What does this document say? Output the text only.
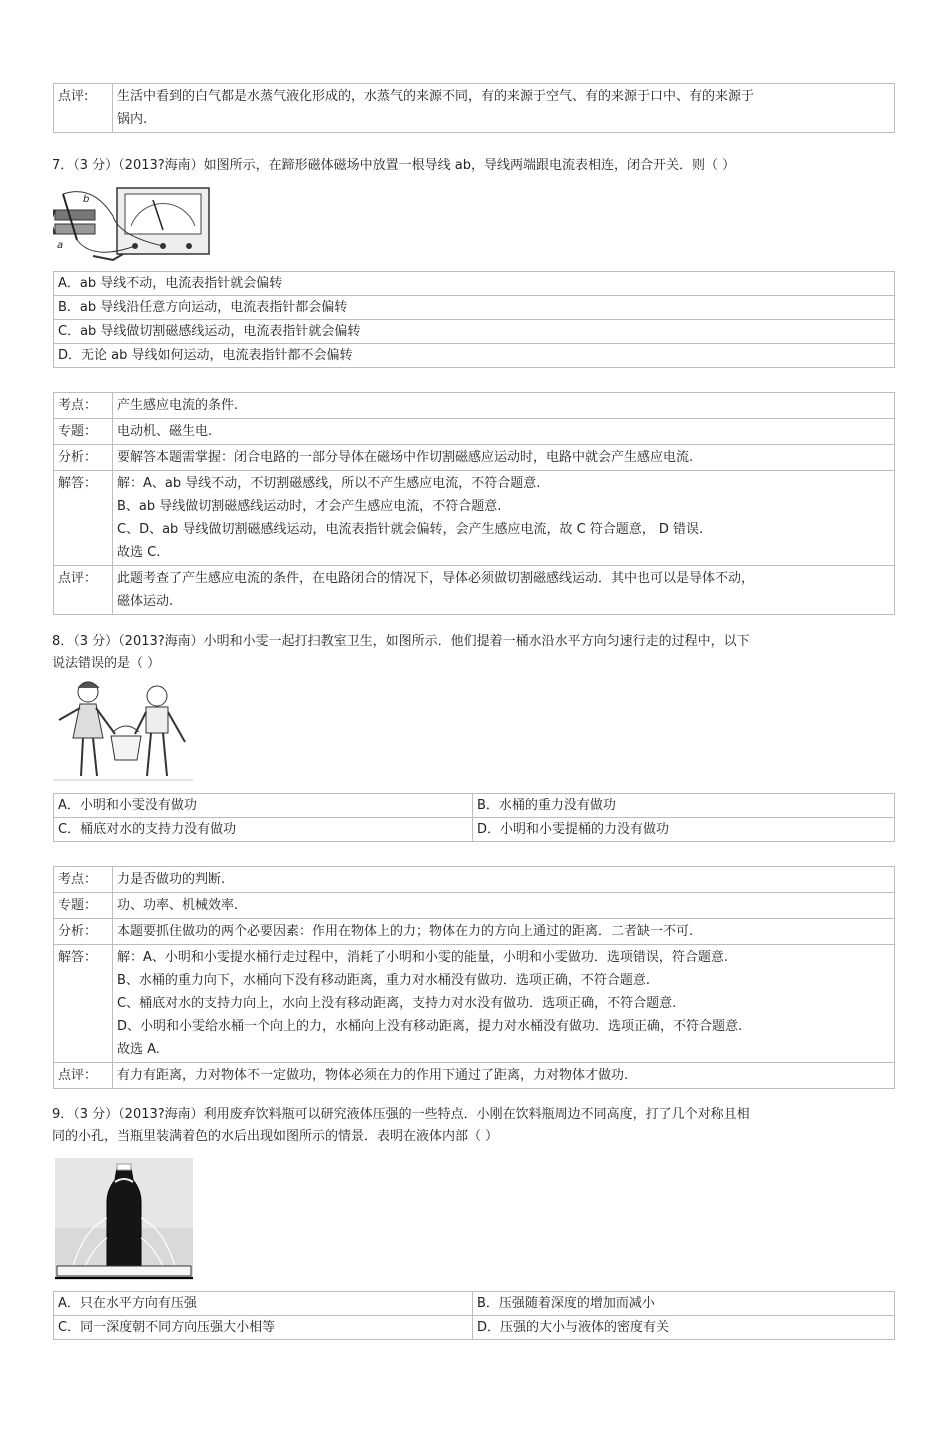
点评:	生活中看到的白气都是水蒸气液化形成的，水蒸气的来源不同，有的来源于空气、有的来源于口中、有的来源于
锅内.
7．（3 分）（2013?海南）如图所示，在蹄形磁体磁场中放置一根导线 ab，导线两端跟电流表相连，闭合开关．则（ ）
b
a
A．ab 导线不动，电流表指针就会偏转
B．ab 导线沿任意方向运动，电流表指针都会偏转
C．ab 导线做切割磁感线运动，电流表指针就会偏转
D．无论 ab 导线如何运动，电流表指针都不会偏转
考点：	产生感应电流的条件.
专题：	电动机、磁生电.
分析：	要解答本题需掌握：闭合电路的一部分导体在磁场中作切割磁感应运动时，电路中就会产生感应电流.
解答：	解：A、ab 导线不动，不切割磁感线，所以不产生感应电流，不符合题意.
B、ab 导线做切割磁感线运动时，才会产生感应电流，不符合题意.
C、D、ab 导线做切割磁感线运动，电流表指针就会偏转，会产生感应电流，故 C 符合题意， D 错误.
故选 C.

点评：	此题考查了产生感应电流的条件，在电路闭合的情况下，导体必须做切割磁感线运动．其中也可以是导体不动，
磁体运动.
8．（3 分）（2013?海南）小明和小雯一起打扫教室卫生，如图所示．他们提着一桶水沿水平方向匀速行走的过程中，以下
说法错误的是（ ）
A．小明和小雯没有做功	B．水桶的重力没有做功
C．桶底对水的支持力没有做功	D．小明和小雯提桶的力没有做功
考点：	力是否做功的判断.
专题：	功、功率、机械效率.
分析：	本题要抓住做功的两个必要因素：作用在物体上的力；物体在力的方向上通过的距离．二者缺一不可.
解答：	解：A、小明和小雯提水桶行走过程中，消耗了小明和小雯的能量，小明和小雯做功．选项错误，符合题意.
B、水桶的重力向下，水桶向下没有移动距离，重力对水桶没有做功．选项正确，不符合题意.
C、桶底对水的支持力向上，水向上没有移动距离，支持力对水没有做功．选项正确，不符合题意.
D、小明和小雯给水桶一个向上的力，水桶向上没有移动距离，提力对水桶没有做功．选项正确，不符合题意.
故选 A.

点评：	有力有距离，力对物体不一定做功，物体必须在力的作用下通过了距离，力对物体才做功.
9．（3 分）（2013?海南）利用废弃饮料瓶可以研究液体压强的一些特点．小刚在饮料瓶周边不同高度，打了几个对称且相
同的小孔，当瓶里装满着色的水后出现如图所示的情景．表明在液体内部（ ）
A．只在水平方向有压强	B．压强随着深度的增加而减小
C．同一深度朝不同方向压强大小相等	D．压强的大小与液体的密度有关
